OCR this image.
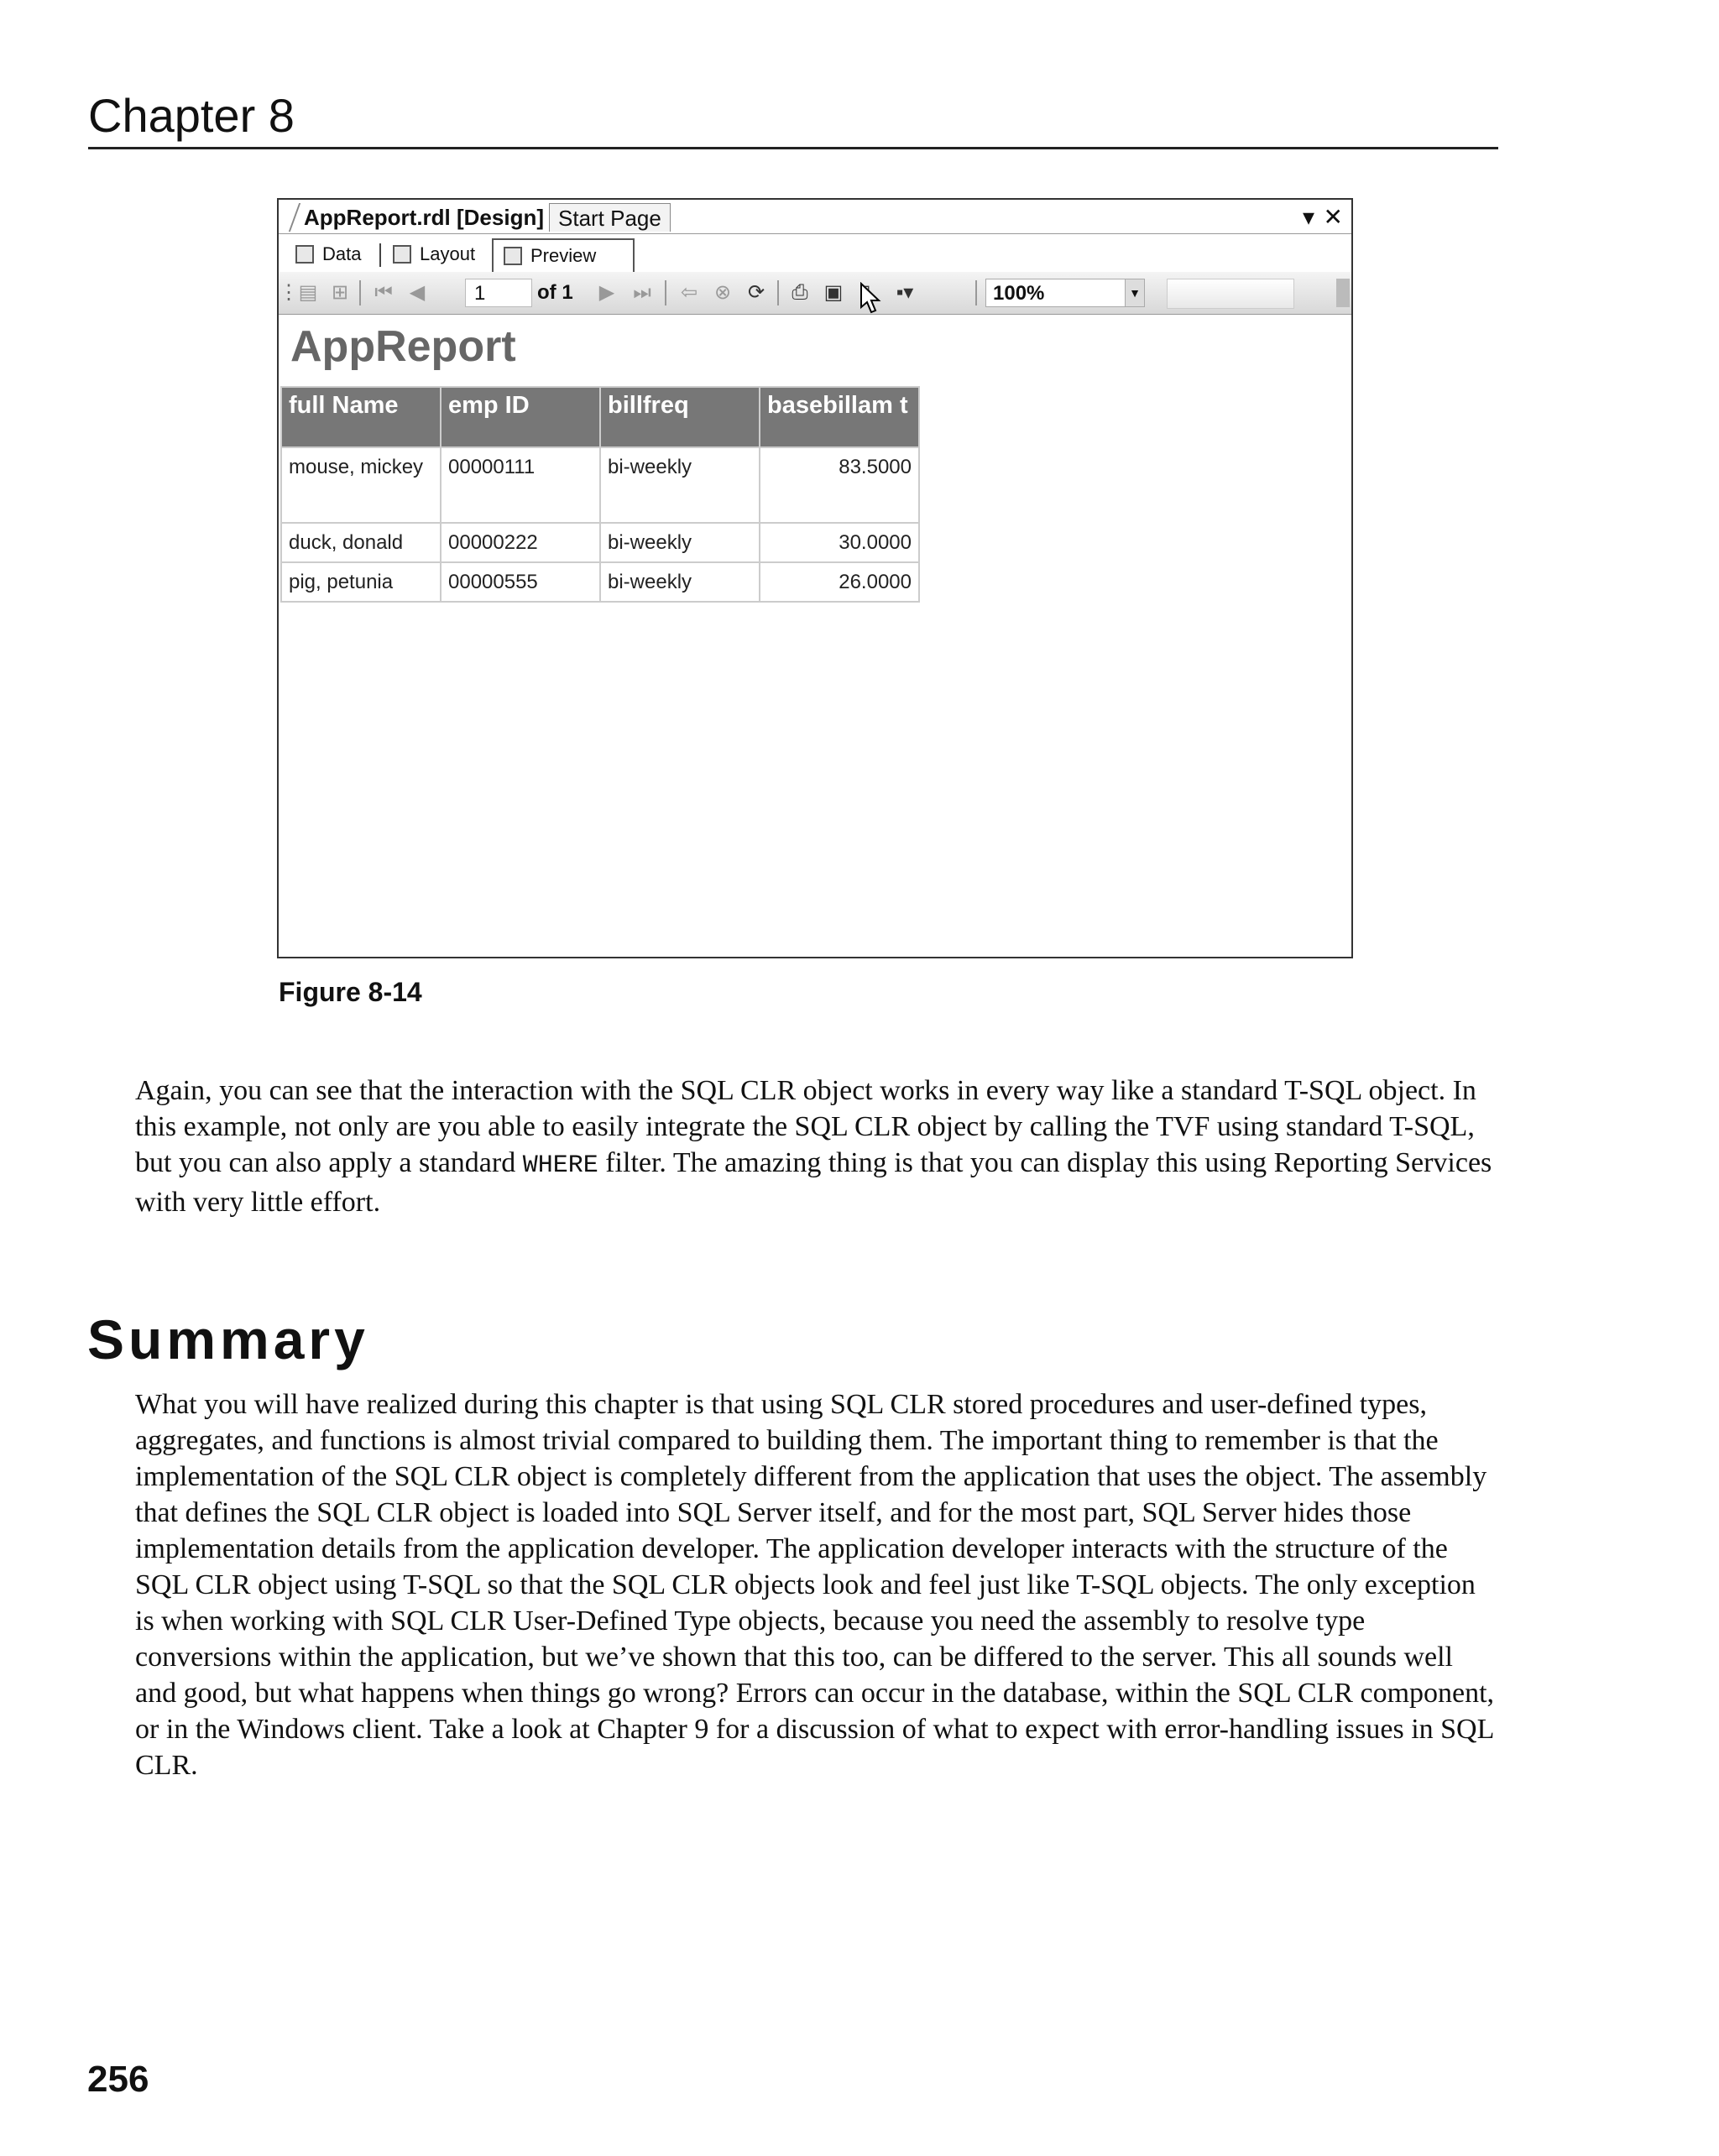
Chapter 8
AppReport.rdl [Design] Start Page	▾ ✕
Data	Layout	Preview
⋮ ▤ ⊞ ⏮ ◀	1	of 1 ▶ ⏭ ⇦ ⊗ ⟳ ⎙ ▣	▪▾	100%	▼
AppReport
full Name	emp ID	billfreq	basebillam t
mouse, mickey	00000111	bi-weekly	83.5000
duck, donald	00000222	bi-weekly	30.0000
pig, petunia	00000555	bi-weekly	26.0000
Figure 8-14

Again, you can see that the interaction with the SQL CLR object works in every way like a standard T-SQL object. In this example, not only are you able to easily integrate the SQL CLR object by calling the TVF using standard T-SQL, but you can also apply a standard WHERE filter. The amazing thing is that you can display this using Reporting Services with very little effort.

Summary

What you will have realized during this chapter is that using SQL CLR stored procedures and user-defined types, aggregates, and functions is almost trivial compared to building them. The important thing to remember is that the implementation of the SQL CLR object is completely different from the application that uses the object. The assembly that defines the SQL CLR object is loaded into SQL Server itself, and for the most part, SQL Server hides those implementation details from the application developer. The application developer interacts with the structure of the SQL CLR object using T-SQL so that the SQL CLR objects look and feel just like T-SQL objects. The only exception is when working with SQL CLR User-Defined Type objects, because you need the assembly to resolve type conversions within the application, but we’ve shown that this too, can be differed to the server. This all sounds well and good, but what happens when things go wrong? Errors can occur in the database, within the SQL CLR component, or in the Windows client. Take a look at Chapter 9 for a discussion of what to expect with error-handling issues in SQL CLR.

256
